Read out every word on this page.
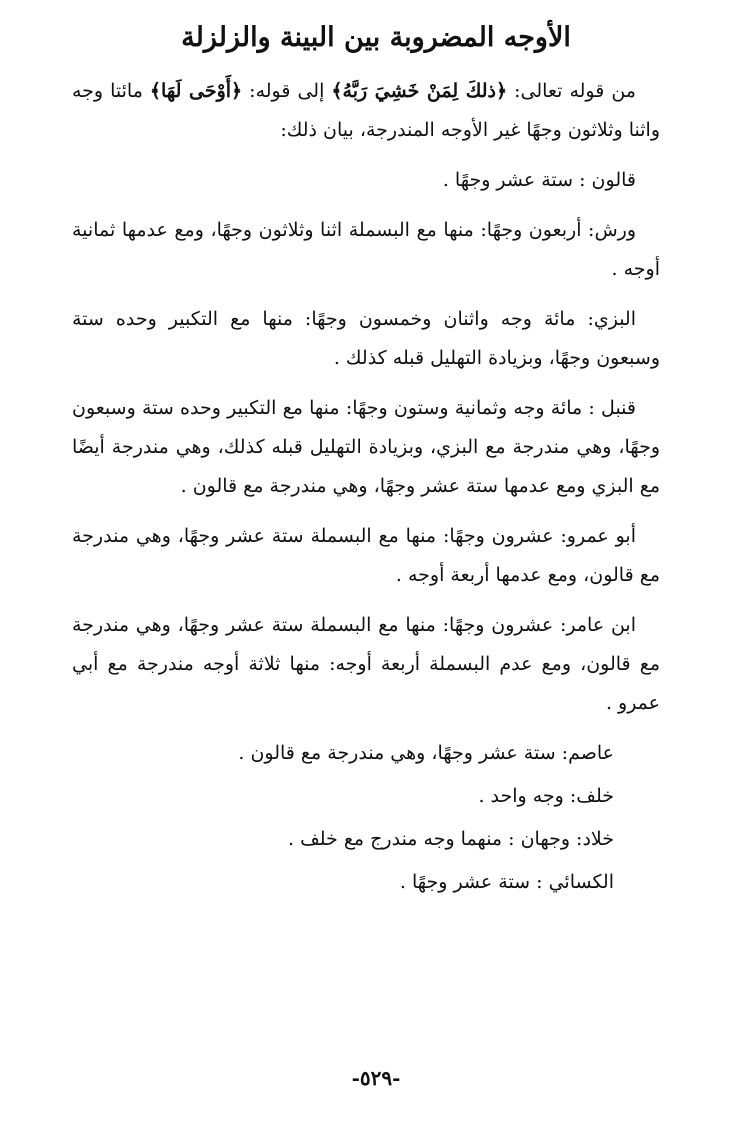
الأوجه المضروبة بين البينة والزلزلة

من قوله تعالى: ﴿ذلكَ لِمَنْ خَشِيَ رَبَّهُ﴾ إلى قوله: ﴿أَوْحَى لَهَا﴾ مائتا وجه واثنا وثلاثون وجهًا غير الأوجه المندرجة، بيان ذلك:

قالون : ستة عشر وجهًا .

ورش: أربعون وجهًا: منها مع البسملة اثنا وثلاثون وجهًا، ومع عدمها ثمانية أوجه .

البزي: مائة وجه واثنان وخمسون وجهًا: منها مع التكبير وحده ستة وسبعون وجهًا، وبزيادة التهليل قبله كذلك .

قنبل : مائة وجه وثمانية وستون وجهًا: منها مع التكبير وحده ستة وسبعون وجهًا، وهي مندرجة مع البزي، وبزيادة التهليل قبله كذلك، وهي مندرجة أيضًا مع البزي ومع عدمها ستة عشر وجهًا، وهي مندرجة مع قالون .

أبو عمرو: عشرون وجهًا: منها مع البسملة ستة عشر وجهًا، وهي مندرجة مع قالون، ومع عدمها أربعة أوجه .

ابن عامر: عشرون وجهًا: منها مع البسملة ستة عشر وجهًا، وهي مندرجة مع قالون، ومع عدم البسملة أربعة أوجه: منها ثلاثة أوجه مندرجة مع أبي عمرو .

عاصم: ستة عشر وجهًا، وهي مندرجة مع قالون .

خلف: وجه واحد .

خلاد: وجهان : منهما وجه مندرج مع خلف .

الكسائي : ستة عشر وجهًا .

-٥٢٩-
